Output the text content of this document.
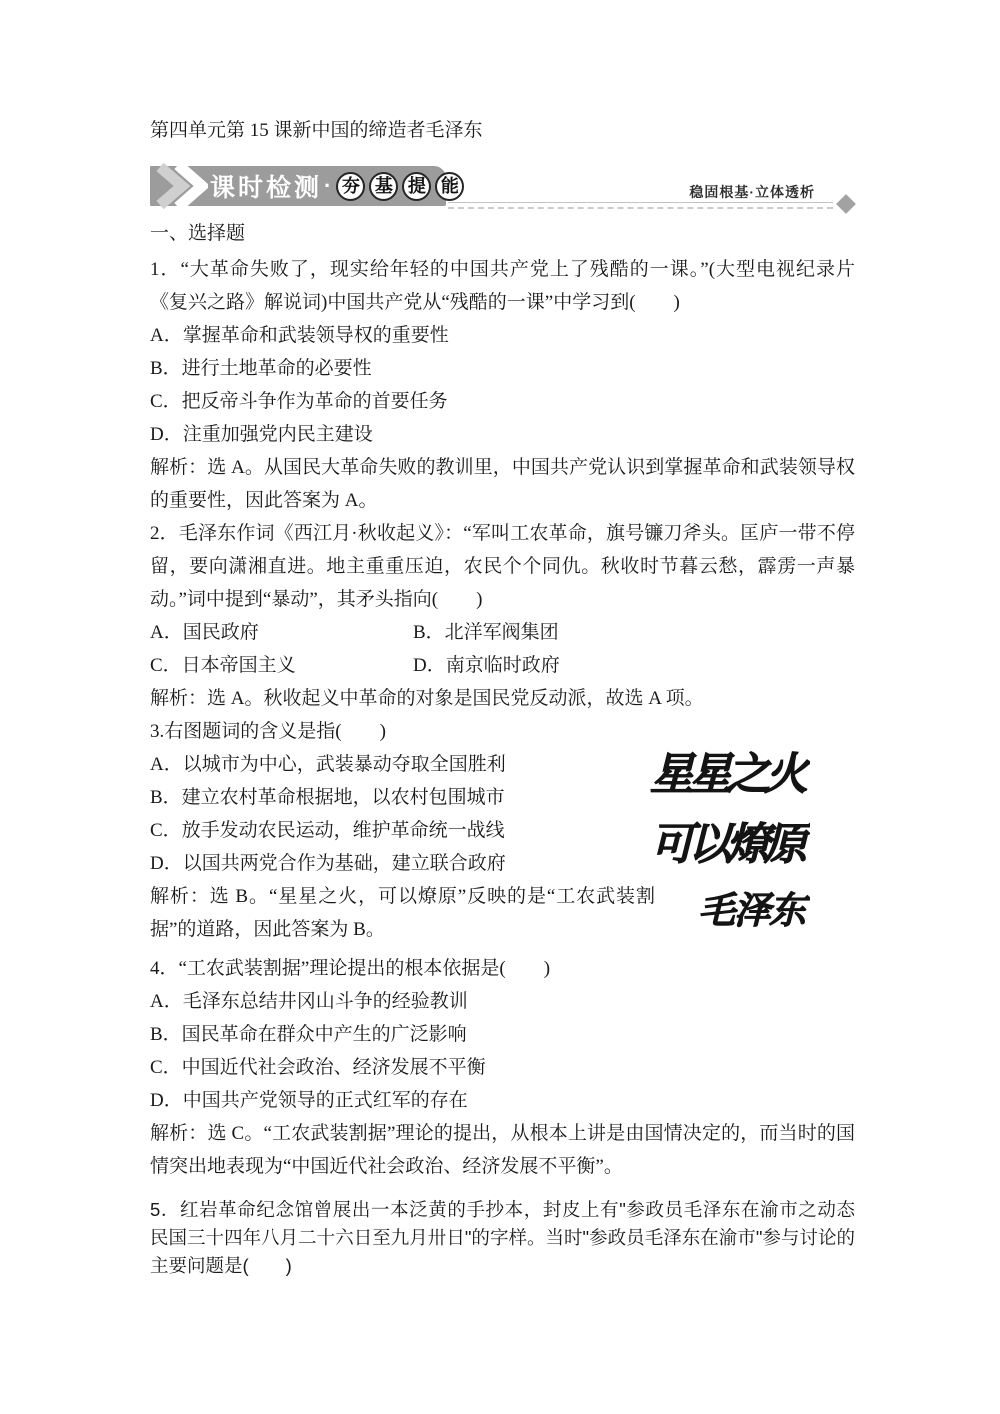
第四单元第 15 课新中国的缔造者毛泽东

课时检测 · 夯 基 提 能	稳固根基·立体透析

一、选择题

1．“大革命失败了，现实给年轻的中国共产党上了残酷的一课。”(大型电视纪录片《复兴之路》解说词)中国共产党从“残酷的一课”中学习到(　　)

A．掌握革命和武装领导权的重要性

B．进行土地革命的必要性

C．把反帝斗争作为革命的首要任务

D．注重加强党内民主建设

解析：选 A。从国民大革命失败的教训里，中国共产党认识到掌握革命和武装领导权的重要性，因此答案为 A。

2．毛泽东作词《西江月·秋收起义》：“军叫工农革命，旗号镰刀斧头。匡庐一带不停留，要向潇湘直进。地主重重压迫，农民个个同仇。秋收时节暮云愁，霹雳一声暴动。”词中提到“暴动”，其矛头指向(　　)

A．国民政府	B．北洋军阀集团
C．日本帝国主义	D．南京临时政府

解析：选 A。秋收起义中革命的对象是国民党反动派，故选 A 项。

3.右图题词的含义是指(　　)

A．以城市为中心，武装暴动夺取全国胜利

B．建立农村革命根据地，以农村包围城市

C．放手发动农民运动，维护革命统一战线

D．以国共两党合作为基础，建立联合政府

解析：选 B。“星星之火，可以燎原”反映的是“工农武装割据”的道路，因此答案为 B。

星星之火
可以燎原
毛泽东

4．“工农武装割据”理论提出的根本依据是(　　)

A．毛泽东总结井冈山斗争的经验教训

B．国民革命在群众中产生的广泛影响

C．中国近代社会政治、经济发展不平衡

D．中国共产党领导的正式红军的存在

解析：选 C。“工农武装割据”理论的提出，从根本上讲是由国情决定的，而当时的国情突出地表现为“中国近代社会政治、经济发展不平衡”。

5．红岩革命纪念馆曾展出一本泛黄的手抄本，封皮上有"参政员毛泽东在渝市之动态　民国三十四年八月二十六日至九月卅日"的字样。当时"参政员毛泽东在渝市"参与讨论的主要问题是(　　)
